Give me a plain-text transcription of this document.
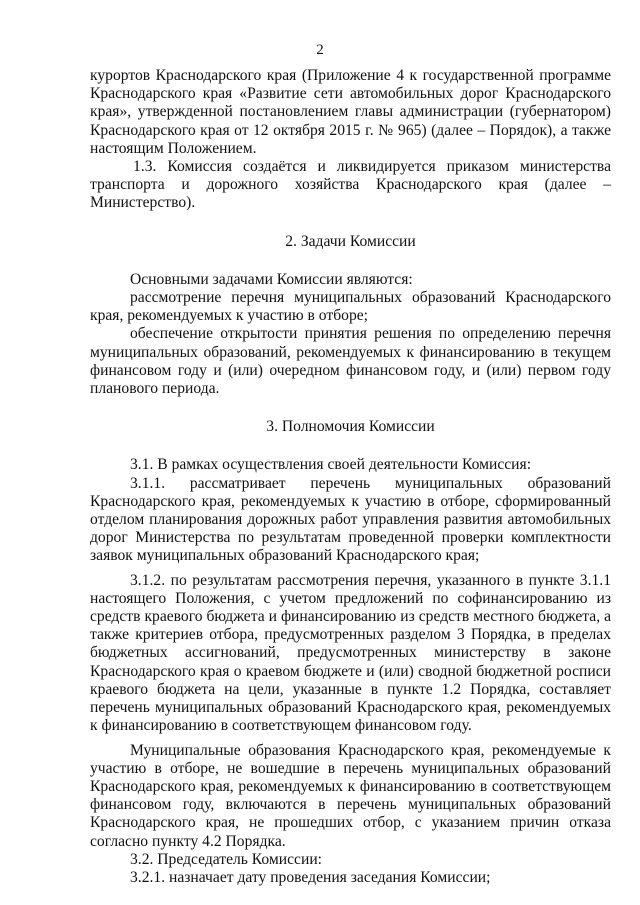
2

курортов Краснодарского края (Приложение 4 к государственной программе Краснодарского края «Развитие сети автомобильных дорог Краснодарского края», утвержденной постановлением главы администрации (губернатором) Краснодарского края от 12 октября 2015 г. № 965) (далее – Порядок), а также настоящим Положением.

1.3. Комиссия создаётся и ликвидируется приказом министерства транспорта и дорожного хозяйства Краснодарского края (далее – Министерство).

2. Задачи Комиссии

Основными задачами Комиссии являются:

рассмотрение перечня муниципальных образований Краснодарского края, рекомендуемых к участию в отборе;

обеспечение открытости принятия решения по определению перечня муниципальных образований, рекомендуемых к финансированию в текущем финансовом году и (или) очередном финансовом году, и (или) первом году планового периода.

3. Полномочия Комиссии

3.1. В рамках осуществления своей деятельности Комиссия:

3.1.1. рассматривает перечень муниципальных образований Краснодарского края, рекомендуемых к участию в отборе, сформированный отделом планирования дорожных работ управления развития автомобильных дорог Министерства по результатам проведенной проверки комплектности заявок муниципальных образований Краснодарского края;

3.1.2. по результатам рассмотрения перечня, указанного в пункте 3.1.1 настоящего Положения, с учетом предложений по софинансированию из средств краевого бюджета и финансированию из средств местного бюджета, а также критериев отбора, предусмотренных разделом 3 Порядка, в пределах бюджетных ассигнований, предусмотренных министерству в законе Краснодарского края о краевом бюджете и (или) сводной бюджетной росписи краевого бюджета на цели, указанные в пункте 1.2 Порядка, составляет перечень муниципальных образований Краснодарского края, рекомендуемых к финансированию в соответствующем финансовом году.

Муниципальные образования Краснодарского края, рекомендуемые к участию в отборе, не вошедшие в перечень муниципальных образований Краснодарского края, рекомендуемых к финансированию в соответствующем финансовом году, включаются в перечень муниципальных образований Краснодарского края, не прошедших отбор, с указанием причин отказа согласно пункту 4.2 Порядка.

3.2. Председатель Комиссии:

3.2.1. назначает дату проведения заседания Комиссии;
